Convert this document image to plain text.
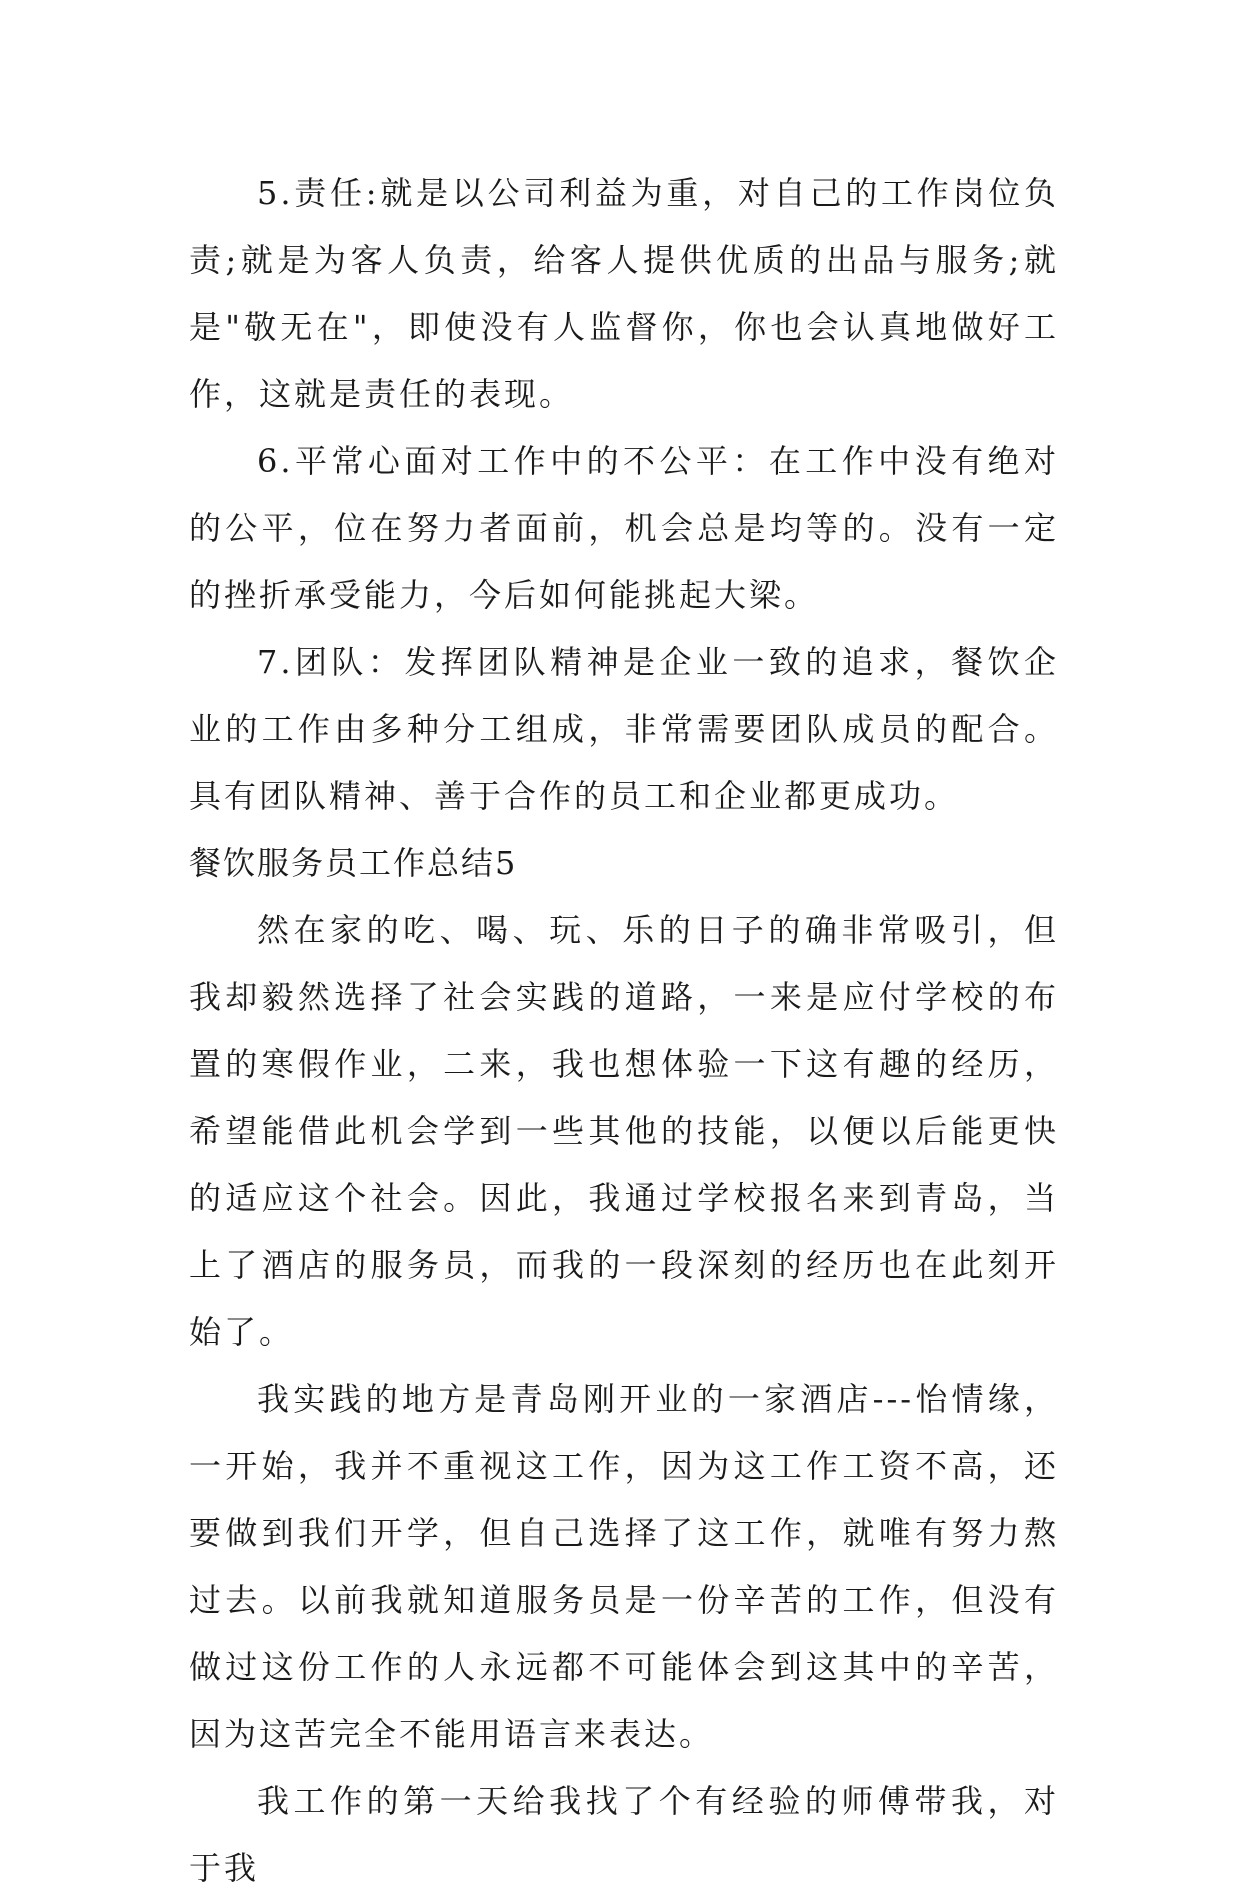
5.责任:就是以公司利益为重，对自己的工作岗位负责;就是为客人负责，给客人提供优质的出品与服务;就是"敬无在"，即使没有人监督你，你也会认真地做好工作，这就是责任的表现。

6.平常心面对工作中的不公平：在工作中没有绝对的公平，位在努力者面前，机会总是均等的。没有一定的挫折承受能力，今后如何能挑起大梁。

7.团队：发挥团队精神是企业一致的追求，餐饮企业的工作由多种分工组成，非常需要团队成员的配合。具有团队精神、善于合作的员工和企业都更成功。

餐饮服务员工作总结5

然在家的吃、喝、玩、乐的日子的确非常吸引，但我却毅然选择了社会实践的道路，一来是应付学校的布置的寒假作业，二来，我也想体验一下这有趣的经历，希望能借此机会学到一些其他的技能，以便以后能更快的适应这个社会。因此，我通过学校报名来到青岛，当上了酒店的服务员，而我的一段深刻的经历也在此刻开始了。

我实践的地方是青岛刚开业的一家酒店---怡情缘，一开始，我并不重视这工作，因为这工作工资不高，还要做到我们开学，但自己选择了这工作，就唯有努力熬过去。以前我就知道服务员是一份辛苦的工作，但没有做过这份工作的人永远都不可能体会到这其中的辛苦，因为这苦完全不能用语言来表达。

我工作的第一天给我找了个有经验的师傅带我，对于我
